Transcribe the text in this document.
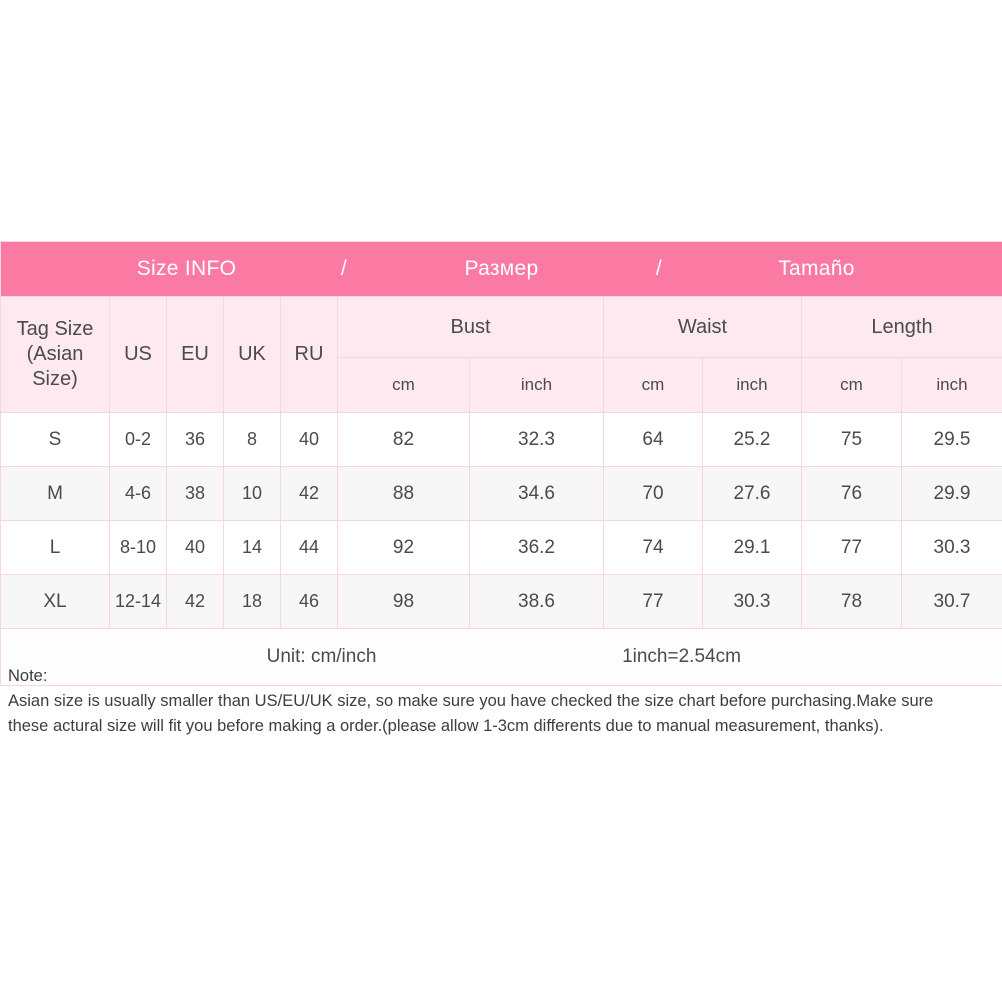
Size INFO / Размер / Tamaño										

Tag Size
(Asian Size)	US	EU	UK	RU	Bust		Waist		Length	
					cm	inch	cm	inch	cm	inch
S	0-2	36	8	40	82	32.3	64	25.2	75	29.5
M	4-6	38	10	42	88	34.6	70	27.6	76	29.9
L	8-10	40	14	44	92	36.2	74	29.1	77	30.3
XL	12-14	42	18	46	98	38.6	77	30.3	78	30.7

Unit: cm/inch 1inch=2.54cm										

Note:

Asian size is usually smaller than US/EU/UK size, so make sure you have checked the size chart before purchasing.Make sure

these actural size will fit you before making a order.(please allow 1-3cm differents due to manual measurement, thanks).
